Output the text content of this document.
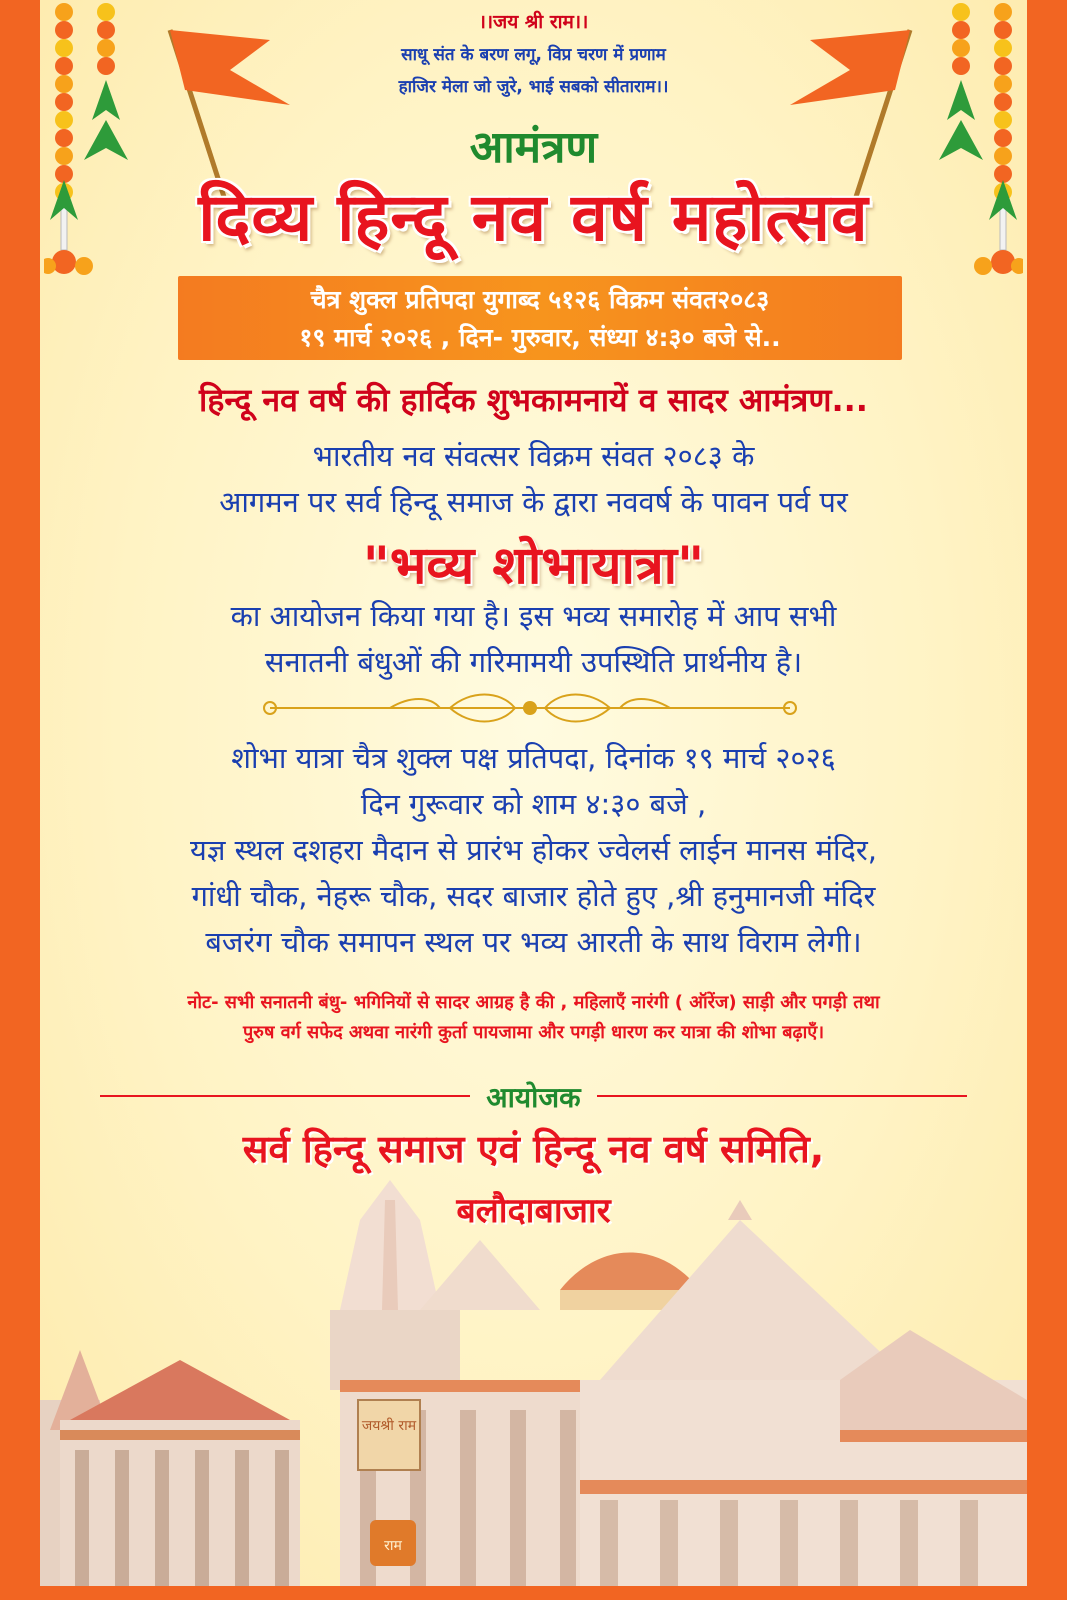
।।जय श्री राम।।

साधू संत के बरण लगू, विप्र चरण में प्रणाम

हाजिर मेला जो जुरे, भाई सबको सीताराम।।

आमंत्रण

दिव्य हिन्दू नव वर्ष महोत्सव

चैत्र शुक्ल प्रतिपदा युगाब्द ५१२६ विक्रम संवत२०८३

१९ मार्च २०२६ , दिन- गुरुवार, संध्या ४:३० बजे से..

हिन्दू नव वर्ष की हार्दिक शुभकामनायें व सादर आमंत्रण...

भारतीय नव संवत्सर विक्रम संवत २०८३ के

आगमन पर सर्व हिन्दू समाज के द्वारा नववर्ष के पावन पर्व पर

"भव्य शोभायात्रा"

का आयोजन किया गया है। इस भव्य समारोह में आप सभी

सनातनी बंधुओं की गरिमामयी उपस्थिति प्रार्थनीय है।

शोभा यात्रा चैत्र शुक्ल पक्ष प्रतिपदा, दिनांक १९ मार्च २०२६

दिन गुरूवार को शाम ४:३० बजे ,

यज्ञ स्थल दशहरा मैदान से प्रारंभ होकर ज्वेलर्स लाईन मानस मंदिर,

गांधी चौक, नेहरू चौक, सदर बाजार होते हुए ,श्री हनुमानजी मंदिर

बजरंग चौक समापन स्थल पर भव्य आरती के साथ विराम लेगी।

नोट- सभी सनातनी बंधु- भगिनियों से सादर आग्रह है की , महिलाएँ नारंगी ( ऑरेंज) साड़ी और पगड़ी तथा

पुरुष वर्ग सफेद अथवा नारंगी कुर्ता पायजामा और पगड़ी धारण कर यात्रा की शोभा बढ़ाएँ।

आयोजक

सर्व हिन्दू समाज एवं हिन्दू नव वर्ष समिति,

जयश्री राम
राम

बलौदाबाजार
